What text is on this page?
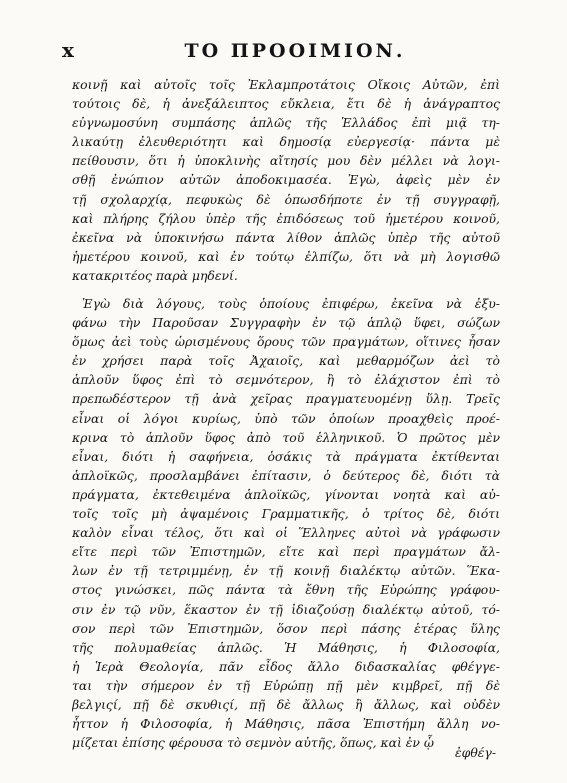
x	ΤΟ ΠΡΟΟΙΜΙΟΝ.
κοινῇ καὶ αὐτοῖς τοῖς Ἐκλαμπροτάτοις Οἴκοις Αὐτῶν, ἐπὶ
τούτοις δὲ, ἡ ἀνεξάλειπτος εὔκλεια, ἔτι δὲ ἡ ἀνάγραπτος
εὐγνωμοσύνη συμπάσης ἁπλῶς τῆς Ἑλλάδος ἐπὶ μιᾷ τη-
λικαύτῃ ἐλευθεριότητι καὶ δημοσίᾳ εὐεργεσίᾳ· πάντα μὲ
πείθουσιν, ὅτι ἡ ὑποκλινὴς αἴτησίς μου δὲν μέλλει νὰ λογι-
σθῇ ἐνώπιον αὐτῶν ἀποδοκιμασέα. Ἐγὼ, ἀφεὶς μὲν ἐν
τῇ σχολαρχίᾳ, πεφυκὼς δὲ ὁπωσδήποτε ἐν τῇ συγγραφῇ,
καὶ πλήρης ζήλου ὑπὲρ τῆς ἐπιδόσεως τοῦ ἡμετέρου κοινοῦ,
ἐκεῖνα νὰ ὑποκινήσω πάντα λίθον ἁπλῶς ὑπὲρ τῆς αὐτοῦ
ἡμετέρου κοινοῦ, καὶ ἐν τούτῳ ἐλπίζω, ὅτι νὰ μὴ λογισθῶ
κατακριτέος παρὰ μηδενί.
Ἐγὼ διὰ λόγους, τοὺς ὁποίους ἐπιφέρω, ἐκεῖνα νὰ ἐξυ-
φάνω τὴν Παροῦσαν Συγγραφὴν ἐν τῷ ἁπλῷ ὕφει, σώζων
ὅμως ἀεὶ τοὺς ὡρισμένους ὅρους τῶν πραγμάτων, οἵτινες ἦσαν
ἐν χρήσει παρὰ τοῖς Ἀχαιοῖς, καὶ μεθαρμόζων ἀεὶ τὸ
ἁπλοῦν ὕφος ἐπὶ τὸ σεμνότερον, ἢ τὸ ἐλάχιστον ἐπὶ τὸ
πρεπωδέστερον τῇ ἀνὰ χεῖρας πραγματευομένῃ ὕλῃ. Τρεῖς
εἶναι οἱ λόγοι κυρίως, ὑπὸ τῶν ὁποίων προαχθεὶς προέ-
κρινα τὸ ἁπλοῦν ὕφος ἀπὸ τοῦ ἑλληνικοῦ. Ὁ πρῶτος μὲν
εἶναι, διότι ἡ σαφήνεια, ὁσάκις τὰ πράγματα ἐκτίθενται
ἁπλοϊκῶς, προσλαμβάνει ἐπίτασιν, ὁ δεύτερος δὲ, διότι τὰ
πράγματα, ἐκτεθειμένα ἁπλοϊκῶς, γίνονται νοητὰ καὶ αὐ-
τοῖς τοῖς μὴ ἀψαμένοις Γραμματικῆς, ὁ τρίτος δὲ, διότι
καλὸν εἶναι τέλος, ὅτι καὶ οἱ Ἕλληνες αὐτοὶ νὰ γράφωσιν
εἴτε περὶ τῶν Ἐπιστημῶν, εἴτε καὶ περὶ πραγμάτων ἄλ-
λων ἐν τῇ τετριμμένῃ, ἐν τῇ κοινῇ διαλέκτῳ αὐτῶν. Ἕκα-
στος γινώσκει, πῶς πάντα τὰ ἔθνη τῆς Εὐρώπης γράφου-
σιν ἐν τῷ νῦν, ἕκαστον ἐν τῇ ἰδιαζούσῃ διαλέκτῳ αὐτοῦ, τό-
σον περὶ τῶν Ἐπιστημῶν, ὅσον περὶ πάσης ἑτέρας ὕλης
τῆς πολυμαθείας ἁπλῶς. Ἡ Μάθησις, ἡ Φιλοσοφία,
ἡ Ἱερὰ Θεολογία, πᾶν εἶδος ἄλλο διδασκαλίας φθέγγε-
ται τὴν σήμερον ἐν τῇ Εὐρώπῃ πῇ μὲν κιμβρεῖ, πῇ δὲ
βελγιςί, πῇ δὲ σκυθιςί, πῇ δὲ ἄλλως ἢ ἄλλως, καὶ οὐδὲν
ἧττον ἡ Φιλοσοφία, ἡ Μάθησις, πᾶσα Ἐπιστήμη ἄλλη νο-
μίζεται ἐπίσης φέρουσα τὸ σεμνὸν αὐτῆς, ὅπως, καὶ ἐν ᾧ
ἐφθέγ-
